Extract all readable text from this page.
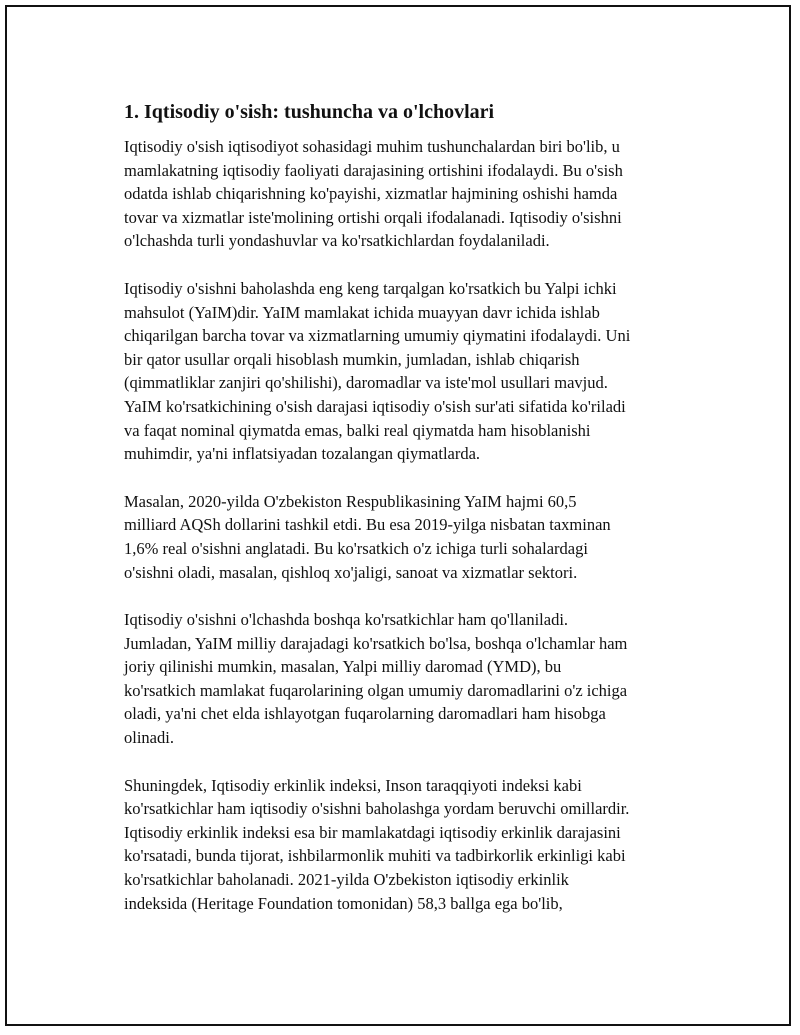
1. Iqtisodiy o'sish: tushuncha va o'lchovlari

Iqtisodiy o'sish iqtisodiyot sohasidagi muhim tushunchalardan biri bo'lib, u
mamlakatning iqtisodiy faoliyati darajasining ortishini ifodalaydi. Bu o'sish
odatda ishlab chiqarishning ko'payishi, xizmatlar hajmining oshishi hamda
tovar va xizmatlar iste'molining ortishi orqali ifodalanadi. Iqtisodiy o'sishni
o'lchashda turli yondashuvlar va ko'rsatkichlardan foydalaniladi.

Iqtisodiy o'sishni baholashda eng keng tarqalgan ko'rsatkich bu Yalpi ichki
mahsulot (YaIM)dir. YaIM mamlakat ichida muayyan davr ichida ishlab
chiqarilgan barcha tovar va xizmatlarning umumiy qiymatini ifodalaydi. Uni
bir qator usullar orqali hisoblash mumkin, jumladan, ishlab chiqarish
(qimmatliklar zanjiri qo'shilishi), daromadlar va iste'mol usullari mavjud.
YaIM ko'rsatkichining o'sish darajasi iqtisodiy o'sish sur'ati sifatida ko'riladi
va faqat nominal qiymatda emas, balki real qiymatda ham hisoblanishi
muhimdir, ya'ni inflatsiyadan tozalangan qiymatlarda.

Masalan, 2020-yilda O'zbekiston Respublikasining YaIM hajmi 60,5
milliard AQSh dollarini tashkil etdi. Bu esa 2019-yilga nisbatan taxminan
1,6% real o'sishni anglatadi. Bu ko'rsatkich o'z ichiga turli sohalardagi
o'sishni oladi, masalan, qishloq xo'jaligi, sanoat va xizmatlar sektori.

Iqtisodiy o'sishni o'lchashda boshqa ko'rsatkichlar ham qo'llaniladi.
Jumladan, YaIM milliy darajadagi ko'rsatkich bo'lsa, boshqa o'lchamlar ham
joriy qilinishi mumkin, masalan, Yalpi milliy daromad (YMD), bu
ko'rsatkich mamlakat fuqarolarining olgan umumiy daromadlarini o'z ichiga
oladi, ya'ni chet elda ishlayotgan fuqarolarning daromadlari ham hisobga
olinadi.

Shuningdek, Iqtisodiy erkinlik indeksi, Inson taraqqiyoti indeksi kabi
ko'rsatkichlar ham iqtisodiy o'sishni baholashga yordam beruvchi omillardir.
Iqtisodiy erkinlik indeksi esa bir mamlakatdagi iqtisodiy erkinlik darajasini
ko'rsatadi, bunda tijorat, ishbilarmonlik muhiti va tadbirkorlik erkinligi kabi
ko'rsatkichlar baholanadi. 2021-yilda O'zbekiston iqtisodiy erkinlik
indeksida (Heritage Foundation tomonidan) 58,3 ballga ega bo'lib,
